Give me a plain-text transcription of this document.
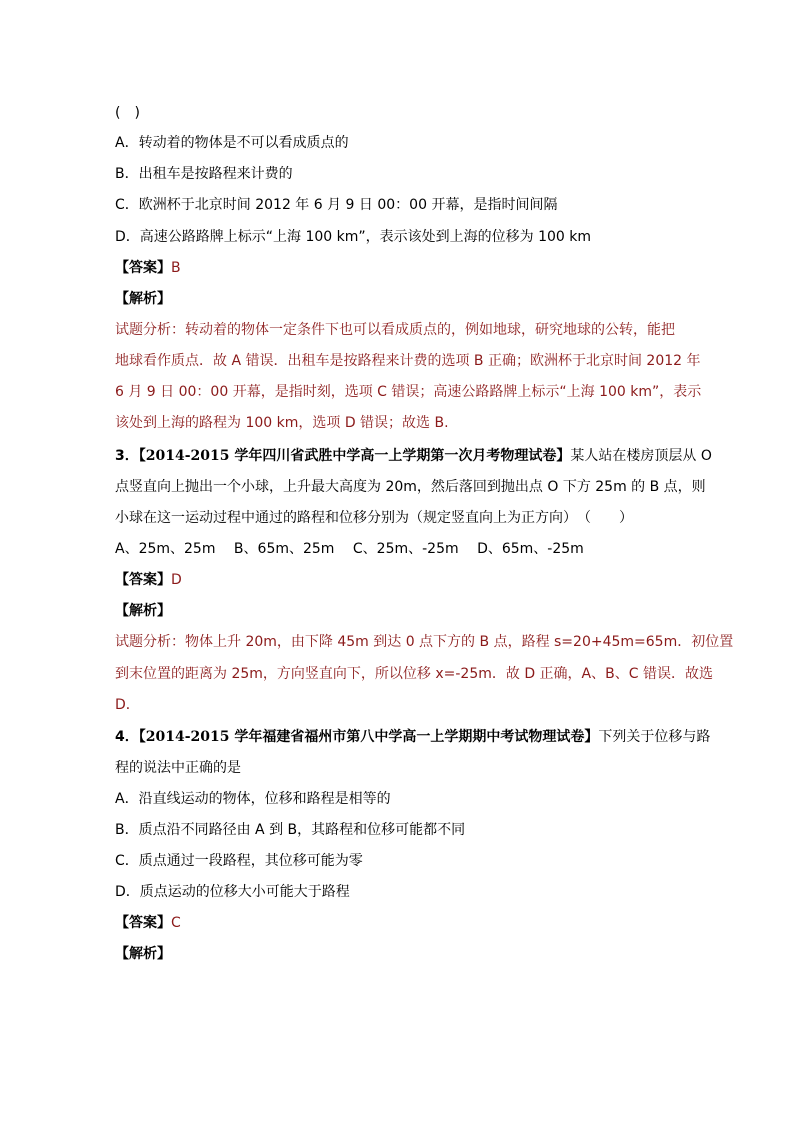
(　)
A．转动着的物体是不可以看成质点的
B．出租车是按路程来计费的
C．欧洲杯于北京时间 2012 年 6 月 9 日 00：00 开幕，是指时间间隔
D．高速公路路牌上标示“上海 100 km”，表示该处到上海的位移为 100 km
【答案】B
【解析】
试题分析：转动着的物体一定条件下也可以看成质点的，例如地球，研究地球的公转，能把
地球看作质点．故 A 错误．出租车是按路程来计费的选项 B 正确；欧洲杯于北京时间 2012 年
6 月 9 日 00：00 开幕，是指时刻，选项 C 错误；高速公路路牌上标示“上海 100 km”，表示
该处到上海的路程为 100 km，选项 D 错误；故选 B.
3．【2014-2015 学年四川省武胜中学高一上学期第一次月考物理试卷】某人站在楼房顶层从 O
点竖直向上抛出一个小球，上升最大高度为 20m，然后落回到抛出点 O 下方 25m 的 B 点，则
小球在这一运动过程中通过的路程和位移分别为（规定竖直向上为正方向）　（　　）
A、25m、25m　 B、65m、25m　 C、25m、-25m　 D、65m、-25m
【答案】D
【解析】
试题分析：物体上升 20m，由下降 45m 到达 0 点下方的 B 点，路程 s=20+45m=65m．初位置
到末位置的距离为 25m，方向竖直向下，所以位移 x=-25m．故 D 正确，A、B、C 错误．故选
D．
4．【2014-2015 学年福建省福州市第八中学高一上学期期中考试物理试卷】下列关于位移与路
程的说法中正确的是
A．沿直线运动的物体，位移和路程是相等的
B．质点沿不同路径由 A 到 B，其路程和位移可能都不同
C．质点通过一段路程，其位移可能为零
D．质点运动的位移大小可能大于路程
【答案】C
【解析】
